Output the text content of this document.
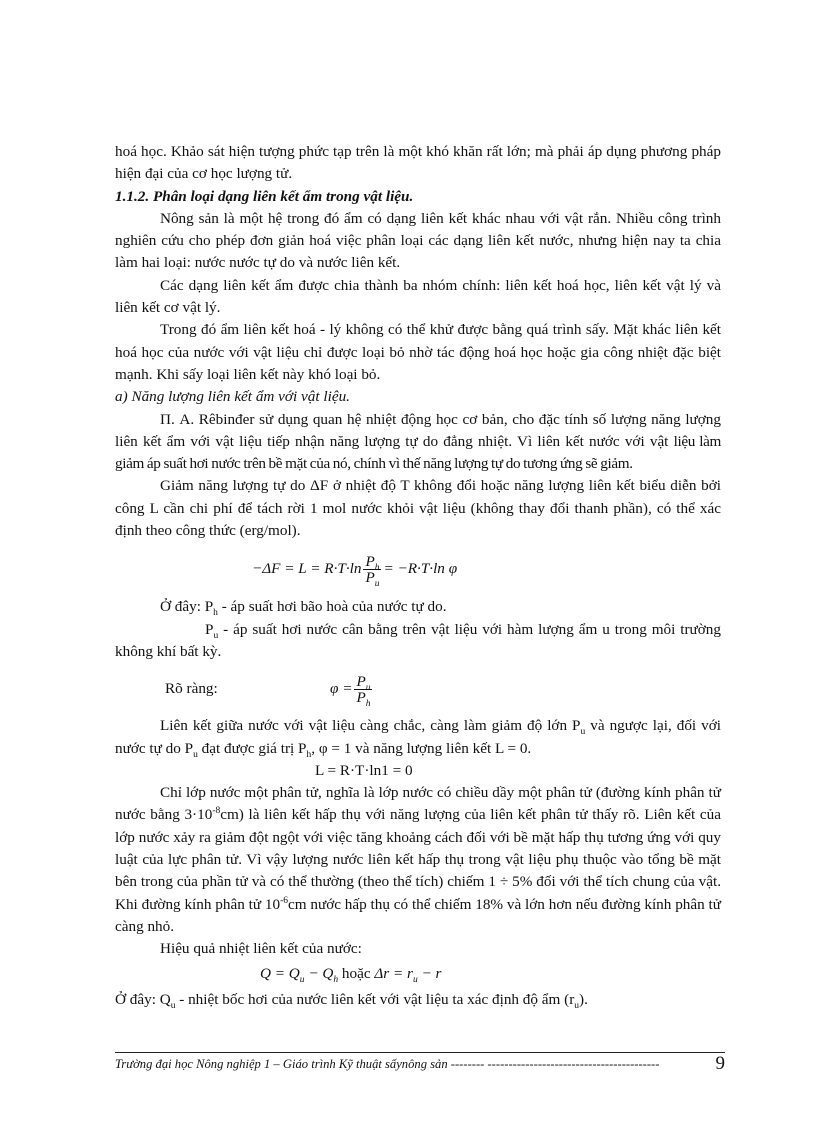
hoá học. Khảo sát hiện tượng phức tạp trên là một khó khăn rất lớn; mà phải áp dụng phương pháp hiện đại của cơ học lượng tử.

1.1.2. Phân loại dạng liên kết ẩm trong vật liệu.

Nông sản là một hệ trong đó ẩm có dạng liên kết khác nhau với vật rắn. Nhiều công trình nghiên cứu cho phép đơn giản hoá việc phân loại các dạng liên kết nước, nhưng hiện nay ta chia làm hai loại: nước nước tự do và nước liên kết.

Các dạng liên kết ẩm được chia thành ba nhóm chính: liên kết hoá học, liên kết vật lý và liên kết cơ vật lý.

Trong đó ẩm liên kết hoá - lý không có thể khử được bằng quá trình sấy. Mặt khác liên kết hoá học của nước với vật liệu chỉ được loại bỏ nhờ tác động hoá học hoặc gia công nhiệt đặc biệt mạnh. Khi sấy loại liên kết này khó loại bỏ.

a) Năng lượng liên kết ẩm với vật liệu.

П. A. Rêbinđer sử dụng quan hệ nhiệt động học cơ bản, cho đặc tính số lượng năng lượng liên kết ẩm với vật liệu tiếp nhận năng lượng tự do đẳng nhiệt. Vì liên kết nước với vật liệu làm giảm áp suất hơi nước trên bề mặt của nó, chính vì thế năng lượng tự do tương ứng sẽ giảm.

Giảm năng lượng tự do ΔF ở nhiệt độ T không đổi hoặc năng lượng liên kết biểu diễn bởi công L cần chi phí để tách rời 1 mol nước khỏi vật liệu (không thay đổi thanh phần), có thể xác định theo công thức (erg/mol).

$-\Delta F = L = R\cdot T\cdot\ln \frac{P_h}{P_u} = -R\cdot T\cdot\ln$ φ

Ở đây: $P_h$ - áp suất hơi bão hoà của nước tự do.

$P_u$ - áp suất hơi nước cân bằng trên vật liệu với hàm lượng ẩm u trong môi trường không khí bất kỳ.

Rõ ràng:	$\varphi = \frac{P_u}{P_h}$

Liên kết giữa nước với vật liệu càng chắc, càng làm giảm độ lớn $P_u$ và ngược lại, đối với nước tự do $P_u$ đạt được giá trị $P_h$, φ = 1 và năng lượng liên kết L = 0.

L = R·T·ln1 = 0

Chỉ lớp nước một phân tử, nghĩa là lớp nước có chiều dầy một phân tử (đường kính phân tử nước bằng $3\cdot 10^{-8}cm$) là liên kết hấp thụ với năng lượng của liên kết phân tử thấy rõ. Liên kết của lớp nước xảy ra giảm đột ngột với việc tăng khoảng cách đối với bề mặt hấp thụ tương ứng với quy luật của lực phân tử. Vì vậy lượng nước liên kết hấp thụ trong vật liệu phụ thuộc vào tổng bề mặt bên trong của phần tử và có thể thường (theo thể tích) chiếm 1 ÷ 5% đối với thể tích chung của vật. Khi đường kính phân tử $10^{-6}cm$ nước hấp thụ có thể chiếm 18% và lớn hơn nếu đường kính phân tử càng nhỏ.

Hiệu quả nhiệt liên kết của nước:

$Q = Q_u - Q_h$ hoặc $\Delta r = r_u - r$

Ở đây: $Q_u$ - nhiệt bốc hơi của nước liên kết với vật liệu ta xác định độ ẩm $(r_u)$.

Trường đại học Nông nghiệp 1 – Giáo trình Kỹ thuật sấynông sản -------- -----------------------------------------	9
